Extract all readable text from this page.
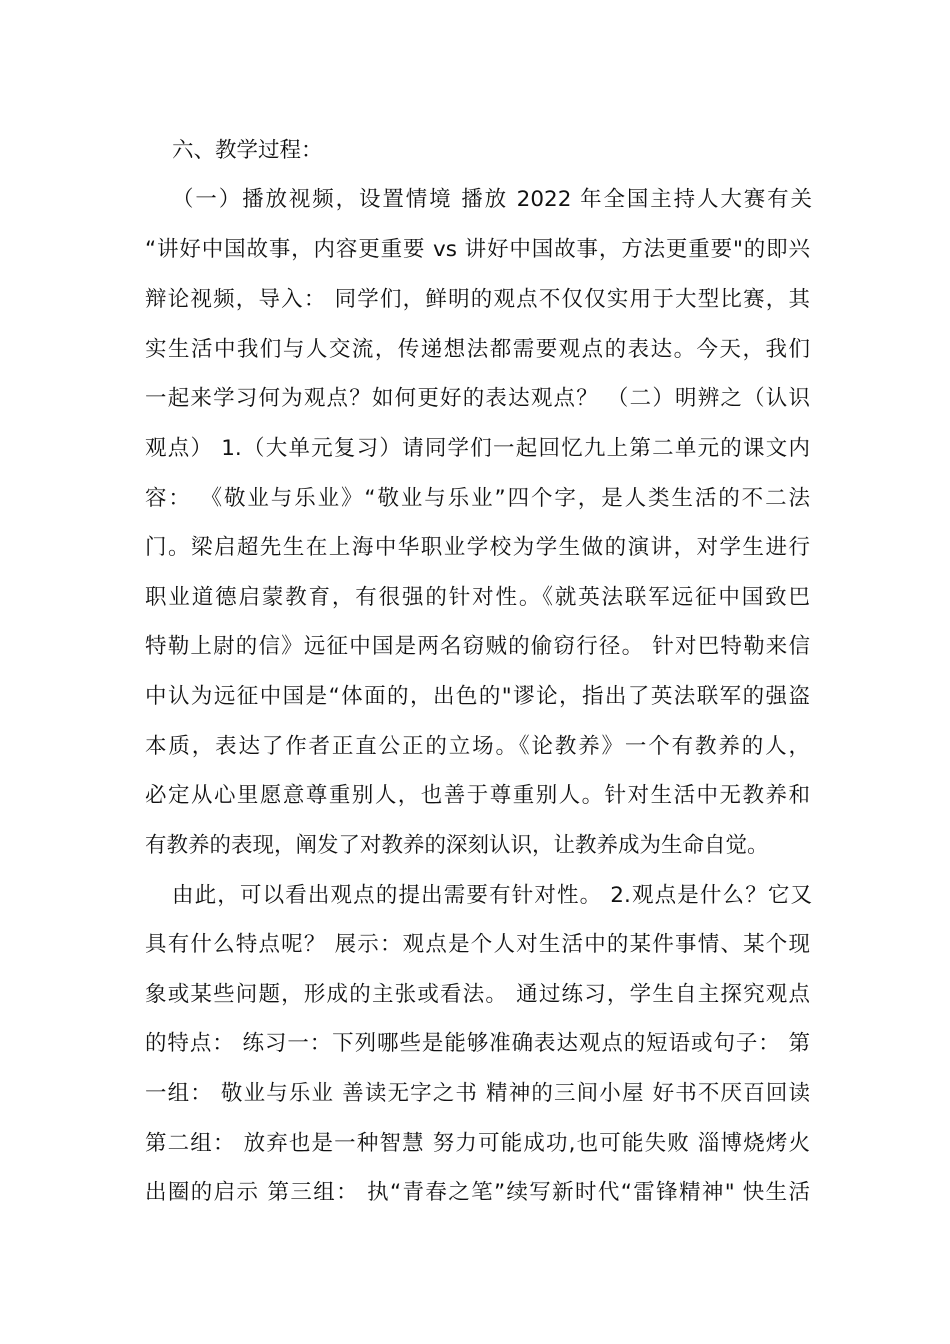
六、教学过程：
（一）播放视频，设置情境 播放 2022 年全国主持人大赛有关
“讲好中国故事，内容更重要 vs 讲好中国故事，方法更重要"的即兴
辩论视频，导入： 同学们，鲜明的观点不仅仅实用于大型比赛，其
实生活中我们与人交流，传递想法都需要观点的表达。今天，我们
一起来学习何为观点？如何更好的表达观点？ （二）明辨之（认识
观点） 1.（大单元复习）请同学们一起回忆九上第二单元的课文内
容： 《敬业与乐业》“敬业与乐业”四个字，是人类生活的不二法
门。梁启超先生在上海中华职业学校为学生做的演讲，对学生进行
职业道德启蒙教育，有很强的针对性。《就英法联军远征中国致巴
特勒上尉的信》远征中国是两名窃贼的偷窃行径。 针对巴特勒来信
中认为远征中国是“体面的，出色的"谬论，指出了英法联军的强盗
本质，表达了作者正直公正的立场。《论教养》一个有教养的人，
必定从心里愿意尊重别人，也善于尊重别人。针对生活中无教养和
有教养的表现，阐发了对教养的深刻认识，让教养成为生命自觉。
由此，可以看出观点的提出需要有针对性。 2.观点是什么？它又
具有什么特点呢？ 展示：观点是个人对生活中的某件事情、某个现
象或某些问题，形成的主张或看法。 通过练习，学生自主探究观点
的特点： 练习一：下列哪些是能够准确表达观点的短语或句子： 第
一组： 敬业与乐业 善读无字之书 精神的三间小屋 好书不厌百回读
第二组： 放弃也是一种智慧 努力可能成功,也可能失败 淄博烧烤火
出圈的启示 第三组： 执“青春之笔”续写新时代“雷锋精神" 快生活
